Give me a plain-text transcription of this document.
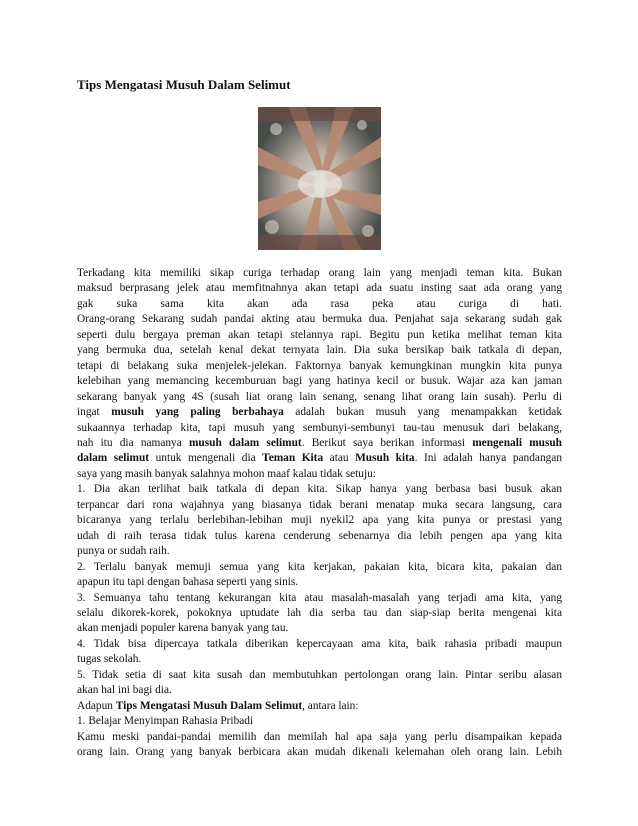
Tips Mengatasi Musuh Dalam Selimut
Terkadang kita memiliki sikap curiga terhadap orang lain yang menjadi teman kita. Bukan
maksud berprasang jelek atau memfitnahnya akan tetapi ada suatu insting saat ada orang yang
gak suka sama kita akan ada rasa peka atau curiga di hati.
Orang-orang Sekarang sudah pandai akting atau bermuka dua. Penjahat saja sekarang sudah gak
seperti dulu bergaya preman akan tetapi stelannya rapi. Begitu pun ketika melihat teman kita
yang bermuka dua, setelah kenal dekat ternyata lain. Dia suka bersikap baik tatkala di depan,
tetapi di belakang suka menjelek-jelekan. Faktornya banyak kemungkinan mungkin kita punya
kelebihan yang memancing kecemburuan bagi yang hatinya kecil or busuk. Wajar aza kan jaman
sekarang banyak yang 4S (susah liat orang lain senang, senang lihat orang lain susah). Perlu di
ingat musuh yang paling berbahaya adalah bukan musuh yang menampakkan ketidak
sukaannya terhadap kita, tapi musuh yang sembunyi-sembunyi tau-tau menusuk dari belakang,
nah itu dia namanya musuh dalam selimut. Berikut saya berikan informasi mengenali musuh
dalam selimut untuk mengenali dia Teman Kita atau Musuh kita. Ini adalah hanya pandangan
saya yang masih banyak salahnya mohon maaf kalau tidak setuju:
1. Dia akan terlihat baik tatkala di depan kita. Sikap hanya yang berbasa basi busuk akan
terpancar dari rona wajahnya yang biasanya tidak berani menatap muka secara langsung, cara
bicaranya yang terlalu berlebihan-lebihan muji nyekil2 apa yang kita punya or prestasi yang
udah di raih terasa tidak tulus karena cenderung sebenarnya dia lebih pengen apa yang kita
punya or sudah raih.
2. Terlalu banyak memuji semua yang kita kerjakan, pakaian kita, bicara kita, pakaian dan
apapun itu tapi dengan bahasa seperti yang sinis.
3. Semuanya tahu tentang kekurangan kita atau masalah-masalah yang terjadi ama kita, yang
selalu dikorek-korek, pokoknya uptudate lah dia serba tau dan siap-siap berita mengenai kita
akan menjadi populer karena banyak yang tau.
4. Tidak bisa dipercaya tatkala diberikan kepercayaan ama kita, baik rahasia pribadi maupun
tugas sekolah.
5. Tidak setia di saat kita susah dan membutuhkan pertolongan orang lain. Pintar seribu alasan
akan hal ini bagi dia.
Adapun Tips Mengatasi Musuh Dalam Selimut, antara lain:
1. Belajar Menyimpan Rahasia Pribadi
Kamu meski pandai-pandai memilih dan memilah hal apa saja yang perlu disampaikan kepada
orang lain. Orang yang banyak berbicara akan mudah dikenali kelemahan oleh orang lain. Lebih
